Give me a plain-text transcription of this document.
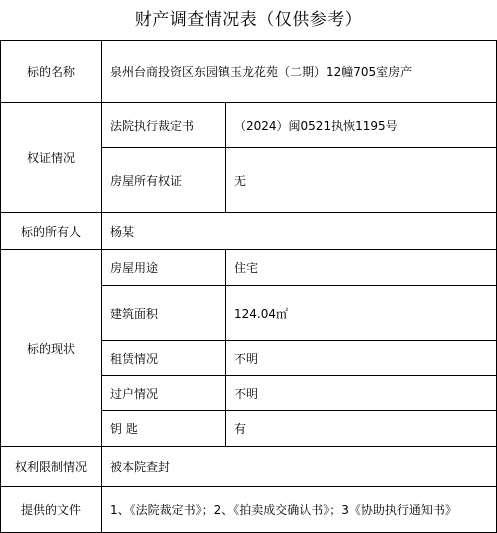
财产调查情况表（仅供参考）
标的名称	泉州台商投资区东园镇玉龙花苑（二期）12幢705室房产	
权证情况	法院执行裁定书	（2024）闽0521执恢1195号
	房屋所有权证	无
标的所有人	杨某	
标的现状	房屋用途	住宅
	建筑面积	124.04㎡
	租赁情况	不明
	过户情况	不明
	钥 匙	有
权利限制情况	被本院查封	
提供的文件	1、《法院裁定书》；2、《拍卖成交确认书》；3《协助执行通知书》	
